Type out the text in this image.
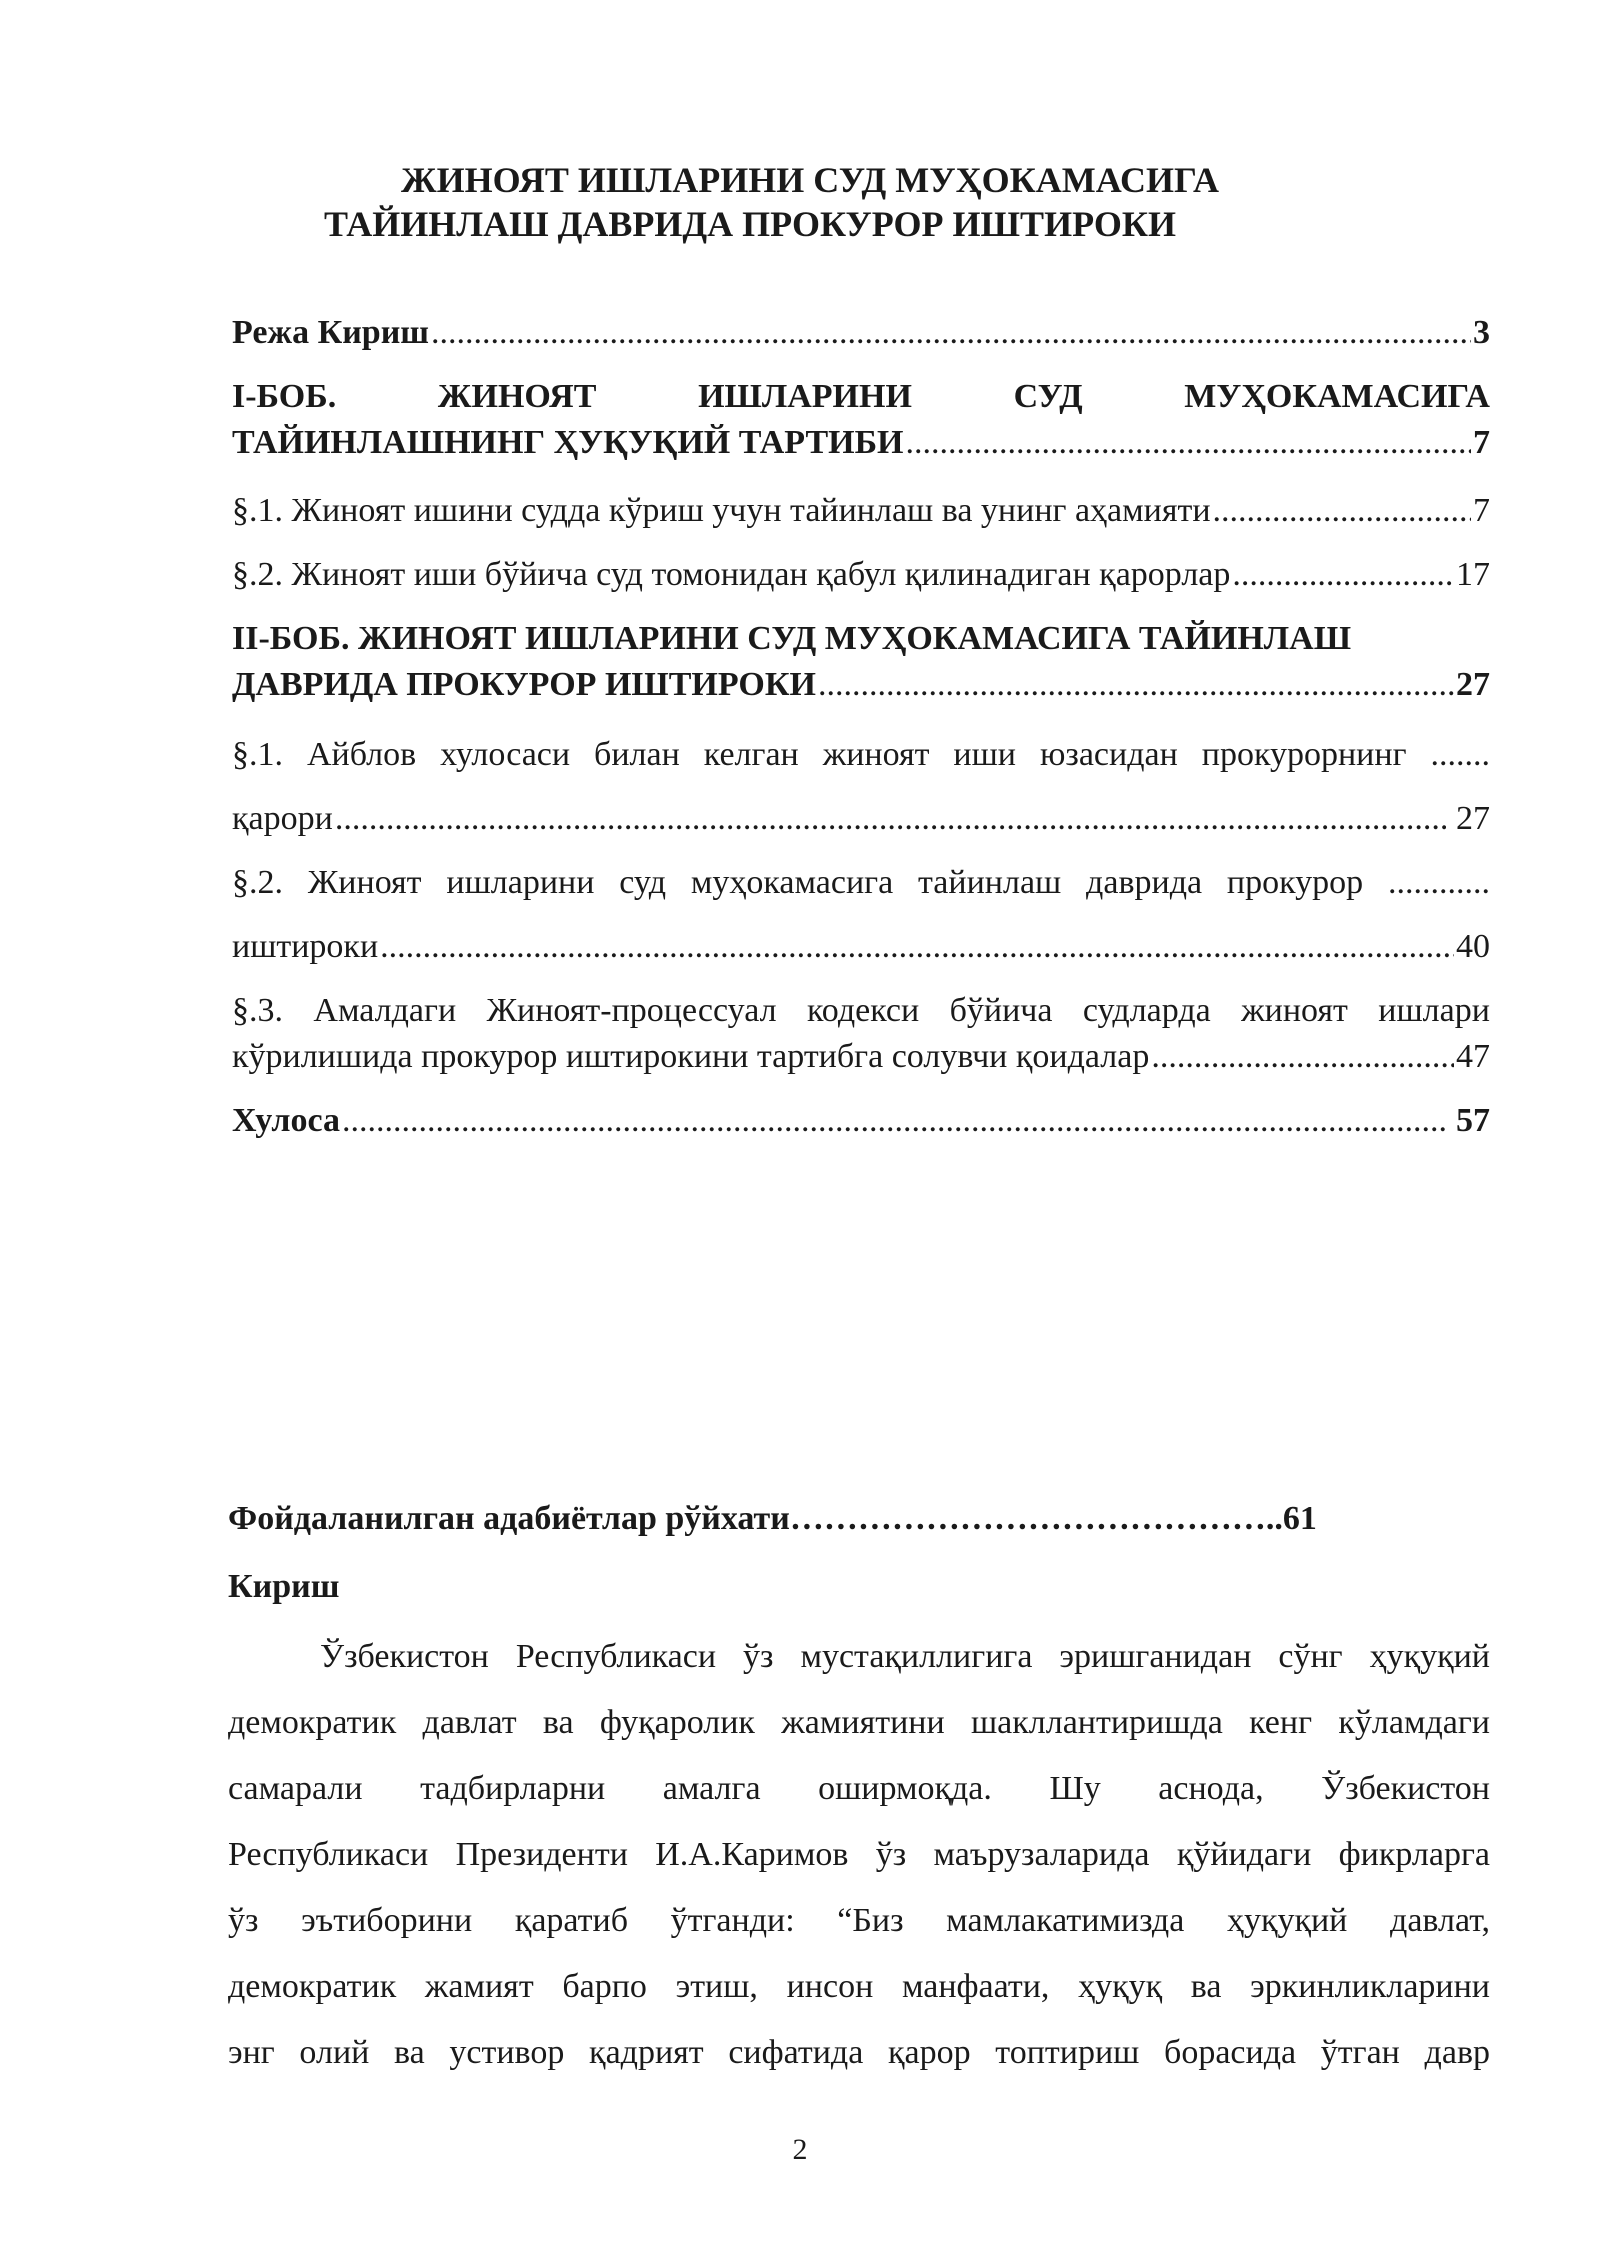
ЖИНОЯТ ИШЛАРИНИ СУД МУҲОКАМАСИГА
ТАЙИНЛАШ ДАВРИДА ПРОКУРОР ИШТИРОКИ
Режа Кириш .....	3
I-БОБ.	ЖИНОЯТ	ИШЛАРИНИ	СУД	МУҲОКАМАСИГА
ТАЙИНЛАШНИНГ ҲУҚУҚИЙ ТАРТИБИ .....	7
§.1. Жиноят ишини судда кўриш учун тайинлаш ва унинг аҳамияти .....	7
§.2. Жиноят иши бўйича суд томонидан қабул қилинадиган қарорлар .....	17
II-БОБ. ЖИНОЯТ ИШЛАРИНИ СУД МУҲОКАМАСИГА ТАЙИНЛАШ
ДАВРИДА ПРОКУРОР ИШТИРОКИ .....	27
§.1. Айблов хулосаси билан келган жиноят иши юзасидан прокурорнинг .......
қарори .....	27
§.2. Жиноят ишларини суд муҳокамасига тайинлаш даврида прокурор ............
иштироки .....	40
§.3. Амалдаги Жиноят-процессуал кодекси бўйича судларда жиноят ишлари
кўрилишида прокурор иштирокини тартибга солувчи қоидалар .....	47
Хулоса .....	57
Фойдаланилган адабиётлар рўйхати……………………………………..61
Кириш
Ўзбекистон Республикаси ўз мустақиллигига эришганидан сўнг ҳуқуқий
демократик давлат ва фуқаролик жамиятини шакллантиришда кенг кўламдаги
самарали тадбирларни амалга оширмоқда. Шу аснода, Ўзбекистон
Республикаси Президенти И.А.Каримов ўз маърузаларида қўйидаги фикрларга
ўз эътиборини қаратиб ўтганди: “Биз мамлакатимизда ҳуқуқий давлат,
демократик жамият барпо этиш, инсон манфаати, ҳуқуқ ва эркинликларини
энг олий ва устивор қадрият сифатида қарор топтириш борасида ўтган давр
2
